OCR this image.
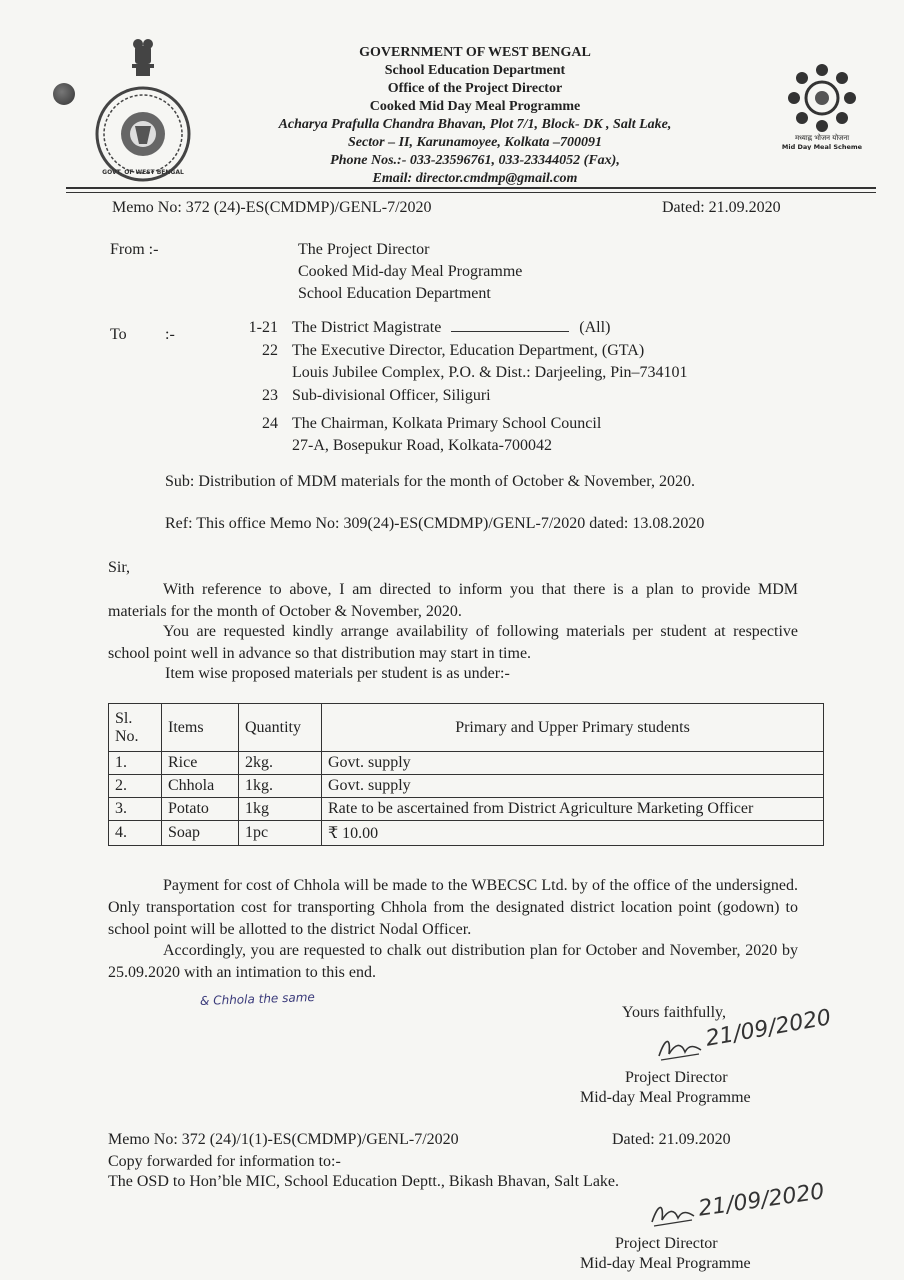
GOVT. OF WEST BENGAL
GOVERNMENT OF WEST BENGAL
School Education Department
Office of the Project Director
Cooked Mid Day Meal Programme
Acharya Prafulla Chandra Bhavan, Plot 7/1, Block- DK , Salt Lake,
Sector – II, Karunamoyee, Kolkata –700091
Phone Nos.:- 033-23596761, 033-23344052 (Fax),
Email: director.cmdmp@gmail.com
मध्याह्न भोजन योजना
Mid Day Meal Scheme
Memo No: 372 (24)-ES(CMDMP)/GENL-7/2020	Dated: 21.09.2020
From :-	The Project Director
Cooked Mid-day Meal Programme
School Education Department
To :-	1-21 The District Magistrate	(All)
22 The Executive Director, Education Department, (GTA)
Louis Jubilee Complex, P.O. & Dist.: Darjeeling, Pin–734101
23 Sub-divisional Officer, Siliguri
24 The Chairman, Kolkata Primary School Council
27-A, Bosepukur Road, Kolkata-700042
Sub: Distribution of MDM materials for the month of October & November, 2020.
Ref: This office Memo No: 309(24)-ES(CMDMP)/GENL-7/2020 dated: 13.08.2020
Sir,
With reference to above, I am directed to inform you that there is a plan to provide MDM materials for the month of October & November, 2020.
You are requested kindly arrange availability of following materials per student at respective school point well in advance so that distribution may start in time.
Item wise proposed materials per student is as under:-
Sl. No.	Items	Quantity	Primary and Upper Primary students
1.	Rice	2kg.	Govt. supply
2.	Chhola	1kg.	Govt. supply
3.	Potato	1kg	Rate to be ascertained from District Agriculture Marketing Officer
4.	Soap	1pc	₹ 10.00
Payment for cost of Chhola will be made to the WBECSC Ltd. by of the office of the undersigned. Only transportation cost for transporting Chhola from the designated district location point (godown) to school point will be allotted to the district Nodal Officer.
Accordingly, you are requested to chalk out distribution plan for October and November, 2020 by 25.09.2020 with an intimation to this end.
& Chhola the same
Yours faithfully,
21/09/2020
Project Director
Mid-day Meal Programme
Memo No: 372 (24)/1(1)-ES(CMDMP)/GENL-7/2020	Dated: 21.09.2020
Copy forwarded for information to:-
The OSD to Hon’ble MIC, School Education Deptt., Bikash Bhavan, Salt Lake.	21/09/2020
Project Director
Mid-day Meal Programme
